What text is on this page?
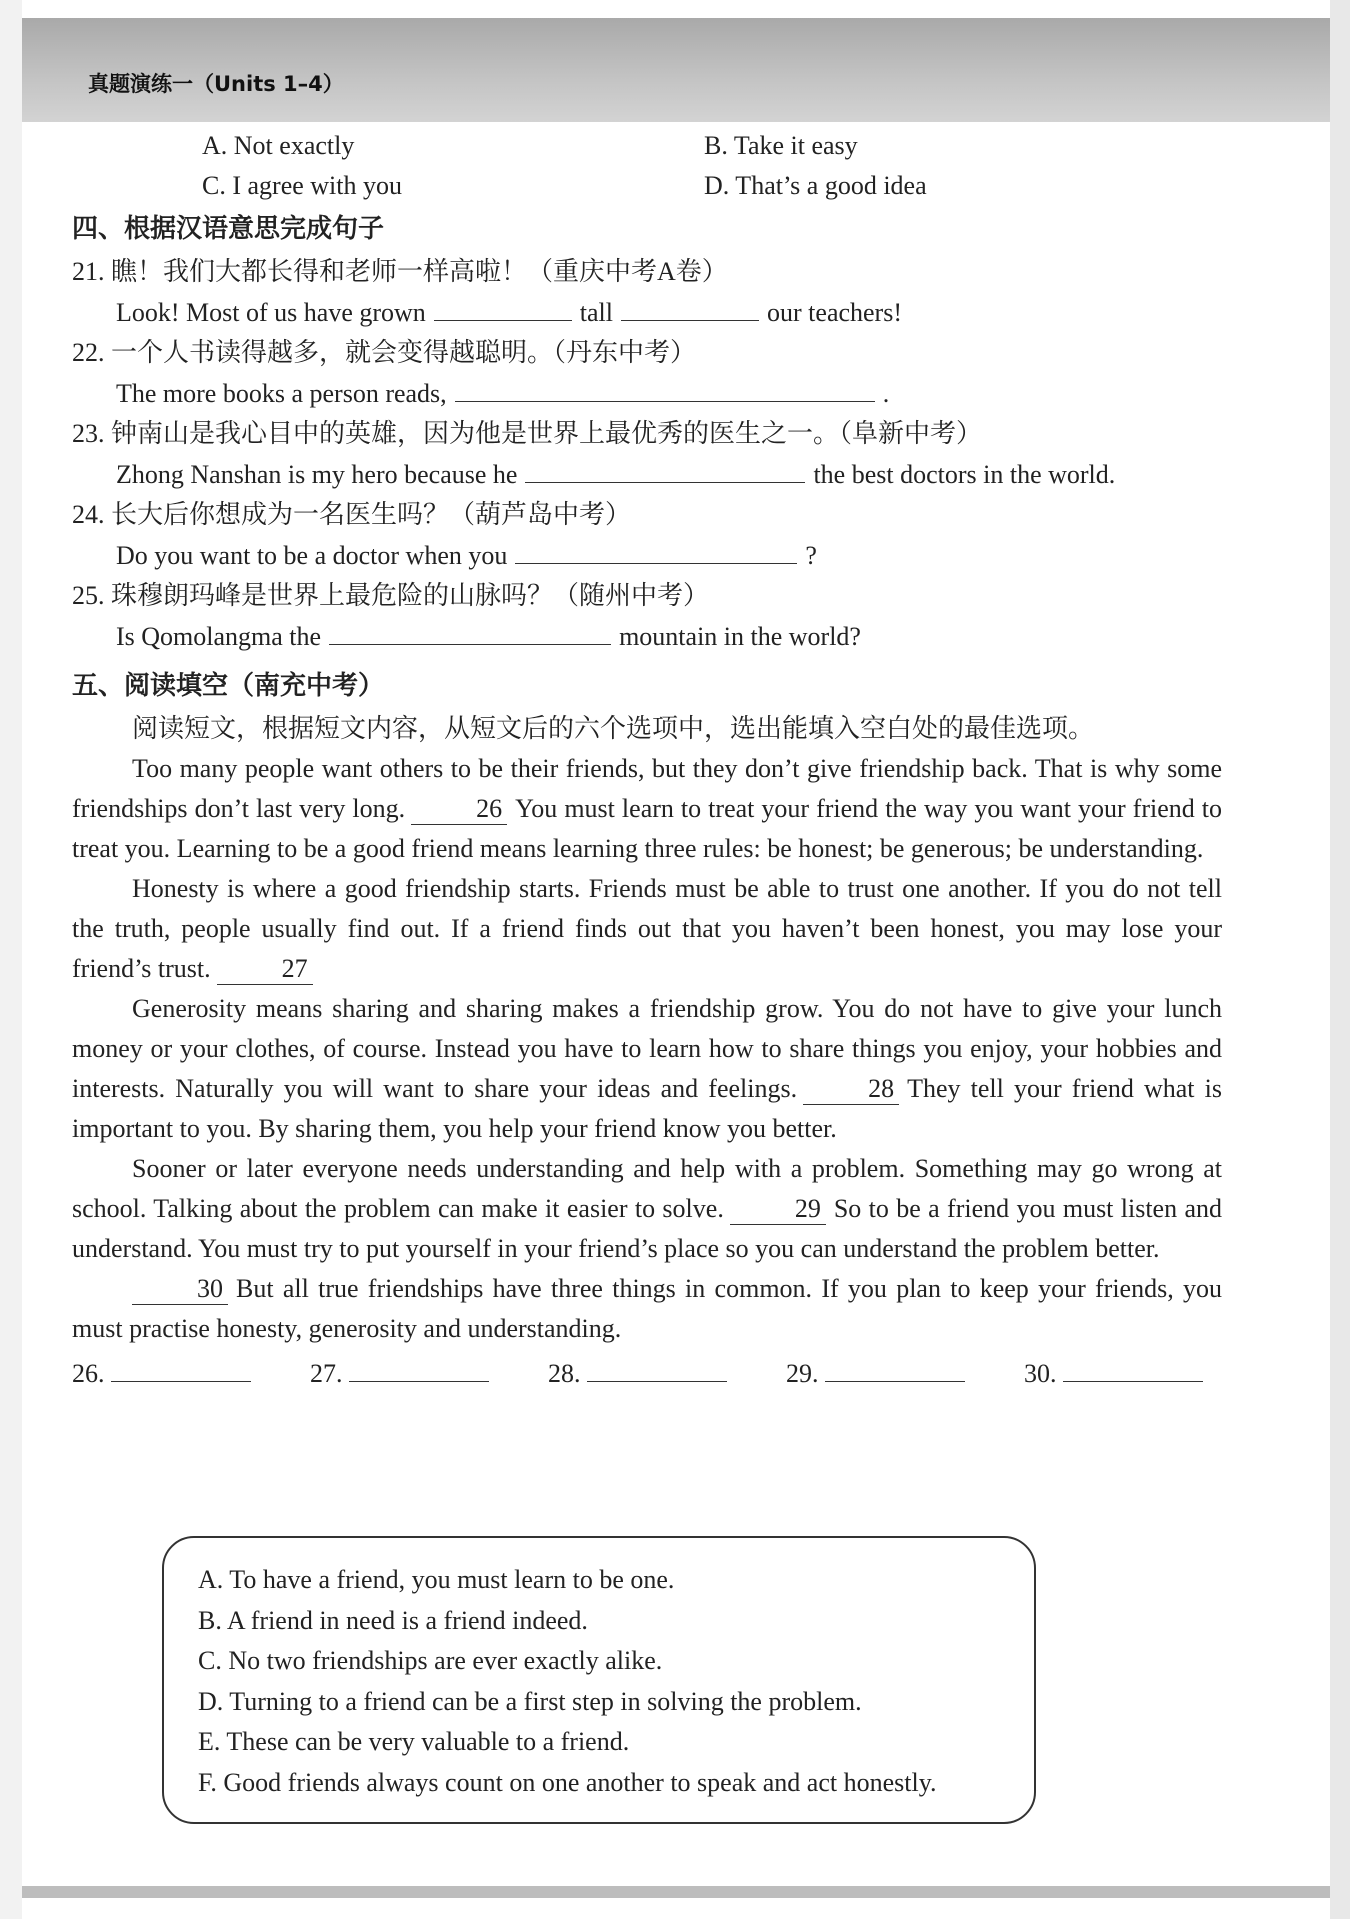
真题演练一（Units 1–4）
A. Not exactly	B. Take it easy
C. I agree with you	D. That’s a good idea
四、根据汉语意思完成句子
21. 瞧！我们大都长得和老师一样高啦！（重庆中考A卷）
Look! Most of us have grown	tall	our teachers!
22. 一个人书读得越多，就会变得越聪明。（丹东中考）
The more books a person reads,	.
23. 钟南山是我心目中的英雄，因为他是世界上最优秀的医生之一。（阜新中考）
Zhong Nanshan is my hero because he	the best doctors in the world.
24. 长大后你想成为一名医生吗？（葫芦岛中考）
Do you want to be a doctor when you	?
25. 珠穆朗玛峰是世界上最危险的山脉吗？（随州中考）
Is Qomolangma the	mountain in the world?
五、阅读填空（南充中考）
阅读短文，根据短文内容，从短文后的六个选项中，选出能填入空白处的最佳选项。
Too many people want others to be their friends, but they don’t give friendship back. That is why some friendships don’t last very long.	26 You must learn to treat your friend the way you want your friend to treat you. Learning to be a good friend means learning three rules: be honest; be generous; be understanding.
Honesty is where a good friendship starts. Friends must be able to trust one another. If you do not tell the truth, people usually find out. If a friend finds out that you haven’t been honest, you may lose your friend’s trust.	27
Generosity means sharing and sharing makes a friendship grow. You do not have to give your lunch money or your clothes, of course. Instead you have to learn how to share things you enjoy, your hobbies and interests. Naturally you will want to share your ideas and feelings.	28 They tell your friend what is important to you. By sharing them, you help your friend know you better.
Sooner or later everyone needs understanding and help with a problem. Something may go wrong at school. Talking about the problem can make it easier to solve.	29 So to be a friend you must listen and understand. You must try to put yourself in your friend’s place so you can understand the problem better.
30 But all true friendships have three things in common. If you plan to keep your friends, you must practise honesty, generosity and understanding.
26.	27.	28.	29.	30.
A. To have a friend, you must learn to be one.
B. A friend in need is a friend indeed.
C. No two friendships are ever exactly alike.
D. Turning to a friend can be a first step in solving the problem.
E. These can be very valuable to a friend.
F. Good friends always count on one another to speak and act honestly.
